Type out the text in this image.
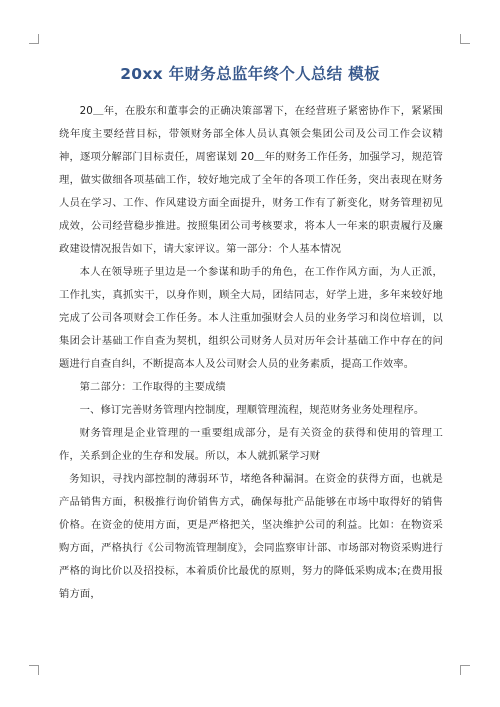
20xx 年财务总监年终个人总结 模板

20＿年，在股东和董事会的正确决策部署下，在经营班子紧密协作下，紧紧围绕年度主要经营目标，带领财务部全体人员认真领会集团公司及公司工作会议精神，逐项分解部门目标责任，周密谋划 20＿年的财务工作任务，加强学习，规范管理，做实做细各项基础工作，较好地完成了全年的各项工作任务，突出表现在财务人员在学习、工作、作风建设方面全面提升，财务工作有了新变化，财务管理初见成效，公司经营稳步推进。按照集团公司考核要求，将本人一年来的职责履行及廉政建设情况报告如下，请大家评议。第一部分：个人基本情况

本人在领导班子里边是一个参谋和助手的角色，在工作作风方面，为人正派，工作扎实，真抓实干，以身作则，顾全大局，团结同志，好学上进，多年来较好地完成了公司各项财会工作任务。本人注重加强财会人员的业务学习和岗位培训，以集团会计基础工作自查为契机，组织公司财务人员对历年会计基础工作中存在的问题进行自查自纠，不断提高本人及公司财会人员的业务素质，提高工作效率。

第二部分：工作取得的主要成绩

一、修订完善财务管理内控制度，理顺管理流程，规范财务业务处理程序。

财务管理是企业管理的一重要组成部分，是有关资金的获得和使用的管理工作，关系到企业的生存和发展。所以，本人就抓紧学习财

务知识，寻找内部控制的薄弱环节，堵绝各种漏洞。在资金的获得方面，也就是产品销售方面，积极推行询价销售方式，确保每批产品能够在市场中取得好的销售价格。在资金的使用方面，更是严格把关，坚决维护公司的利益。比如：在物资采购方面，严格执行《公司物流管理制度》，会同监察审计部、市场部对物资采购进行严格的询比价以及招投标，本着质价比最优的原则，努力的降低采购成本;在费用报销方面，
